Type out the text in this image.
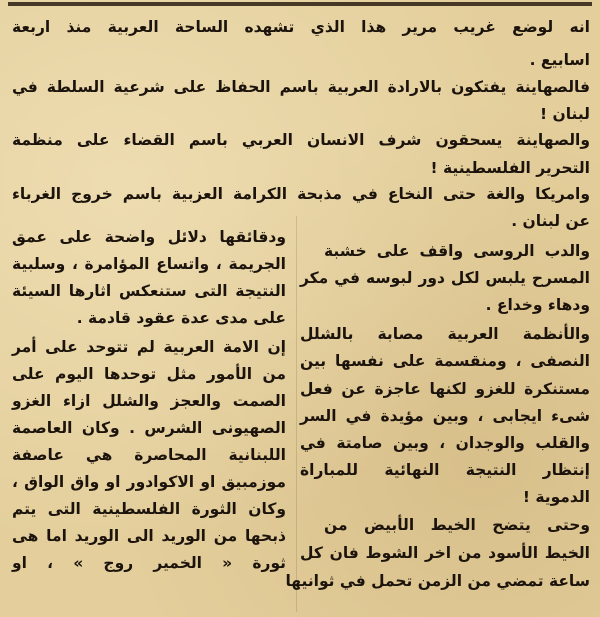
انه لوضع غريب مرير هذا الذي تشهده الساحة العربية منذ اربعة
اسابيع .
فالصهاينة يفتكون بالارادة العربية باسم الحفاظ على شرعية السلطة في
لبنان !
والصهاينة يسحقون شرف الانسان العربي باسم القضاء على منظمة
التحرير الفلسطينية !
وامريكا والغة حتى النخاع في مذبحة الكرامة العزبية باسم خروج الغرباء
عن لبنان .
والدب الروسى واقف على خشبة
المسرح يلبس لكل دور لبوسه في مكر
ودهاء وخداع .
والأنظمة العربية مصابة بالشلل
النصفى ، ومنقسمة على نفسها بين
مستنكرة للغزو لكنها عاجزة عن فعل
شىء ايجابى ، وبين مؤيدة في السر
والقلب والوجدان ، وبين صامتة في
إنتظار النتيجة النهائية للمباراة
الدموية !
وحتى يتضح الخيط الأبيض من
الخيط الأسود من اخر الشوط فان كل
ساعة تمضي من الزمن تحمل في ثوانيها
ودقائقها دلائل واضحة على عمق
الجريمة ، واتساع المؤامرة ، وسلبية
النتيجة التى ستنعكس اثارها السيئة
على مدى عدة عقود قادمة .
إن الامة العربية لم تتوحد على أمر
من الأمور مثل توحدها اليوم على
الصمت والعجز والشلل ازاء الغزو
الصهيونى الشرس . وكان العاصمة
اللبنانية المحاصرة هي عاصفة
موزمبيق او الاكوادور او واق الواق ،
وكان الثورة الفلسطينية التى يتم
ذبحها من الوريد الى الوريد اما هى
ثورة « الخمير روج » ، او
